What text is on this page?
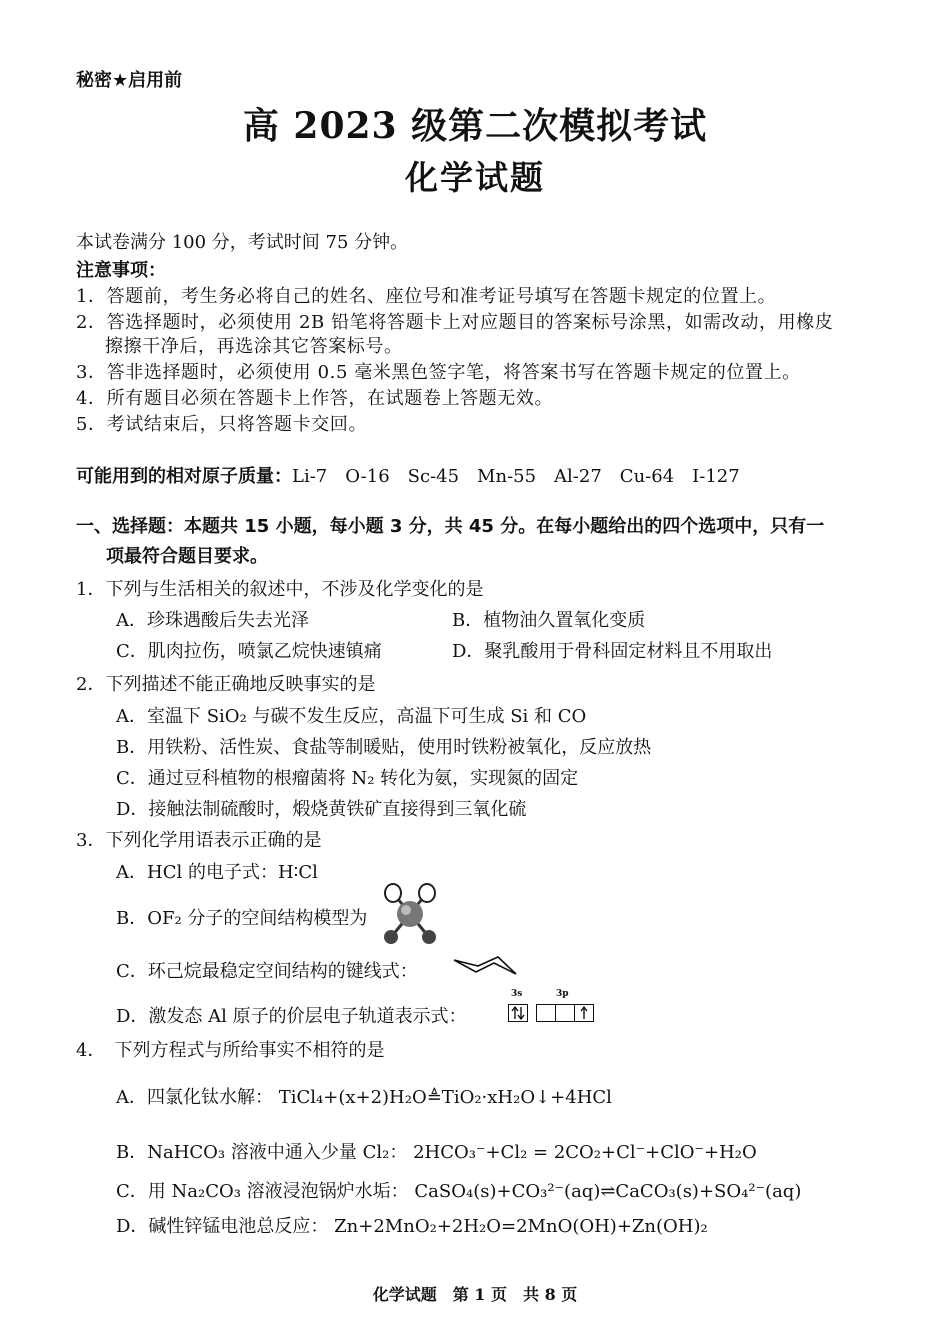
秘密★启用前
高 2023 级第二次模拟考试
化学试题
本试卷满分 100 分，考试时间 75 分钟。
注意事项：
1．答题前，考生务必将自己的姓名、座位号和准考证号填写在答题卡规定的位置上。
2．答选择题时，必须使用 2B 铅笔将答题卡上对应题目的答案标号涂黑，如需改动，用橡皮
擦擦干净后，再选涂其它答案标号。
3．答非选择题时，必须使用 0.5 毫米黑色签字笔，将答案书写在答题卡规定的位置上。
4．所有题目必须在答题卡上作答，在试题卷上答题无效。
5．考试结束后，只将答题卡交回。
可能用到的相对原子质量：Li-7　O-16　Sc-45　Mn-55　Al-27　Cu-64　I-127
一、选择题：本题共 15 小题，每小题 3 分，共 45 分。在每小题给出的四个选项中，只有一
项最符合题目要求。
1．下列与生活相关的叙述中，不涉及化学变化的是
A．珍珠遇酸后失去光泽	B．植物油久置氧化变质
C．肌肉拉伤，喷氯乙烷快速镇痛	D．聚乳酸用于骨科固定材料且不用取出
2．下列描述不能正确地反映事实的是
A．室温下 SiO₂ 与碳不发生反应，高温下可生成 Si 和 CO
B．用铁粉、活性炭、食盐等制暖贴，使用时铁粉被氧化，反应放热
C．通过豆科植物的根瘤菌将 N₂ 转化为氨，实现氮的固定
D．接触法制硫酸时，煅烧黄铁矿直接得到三氧化硫
3．下列化学用语表示正确的是
A．HCl 的电子式：H∶Cl
B．OF₂ 分子的空间结构模型为
C．环己烷最稳定空间结构的键线式：
D．激发态 Al 原子的价层电子轨道表示式：
3s	3p
4．　下列方程式与所给事实不相符的是
A．四氯化钛水解： TiCl₄+(x+2)H₂O≜TiO₂·xH₂O↓+4HCl
B．NaHCO₃ 溶液中通入少量 Cl₂： 2HCO₃⁻+Cl₂ = 2CO₂+Cl⁻+ClO⁻+H₂O
C．用 Na₂CO₃ 溶液浸泡锅炉水垢： CaSO₄(s)+CO₃²⁻(aq)⇌CaCO₃(s)+SO₄²⁻(aq)
D．碱性锌锰电池总反应： Zn+2MnO₂+2H₂O=2MnO(OH)+Zn(OH)₂
化学试题　第 1 页　共 8 页
